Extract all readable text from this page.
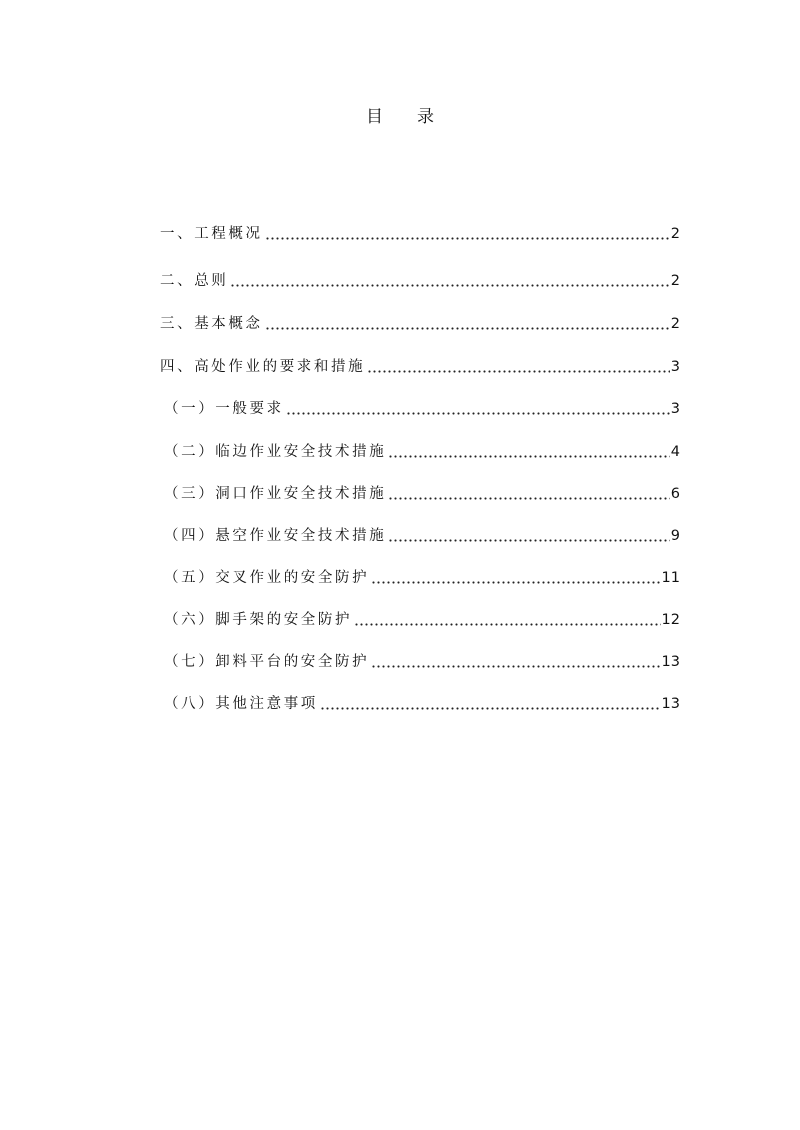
目 录
一、工程概况	2
二、总则	2
三、基本概念	2
四、高处作业的要求和措施	3
（一）一般要求	3
（二）临边作业安全技术措施	4
（三）洞口作业安全技术措施	6
（四）悬空作业安全技术措施	9
（五）交叉作业的安全防护	11
（六）脚手架的安全防护	12
（七）卸料平台的安全防护	13
（八）其他注意事项	13
